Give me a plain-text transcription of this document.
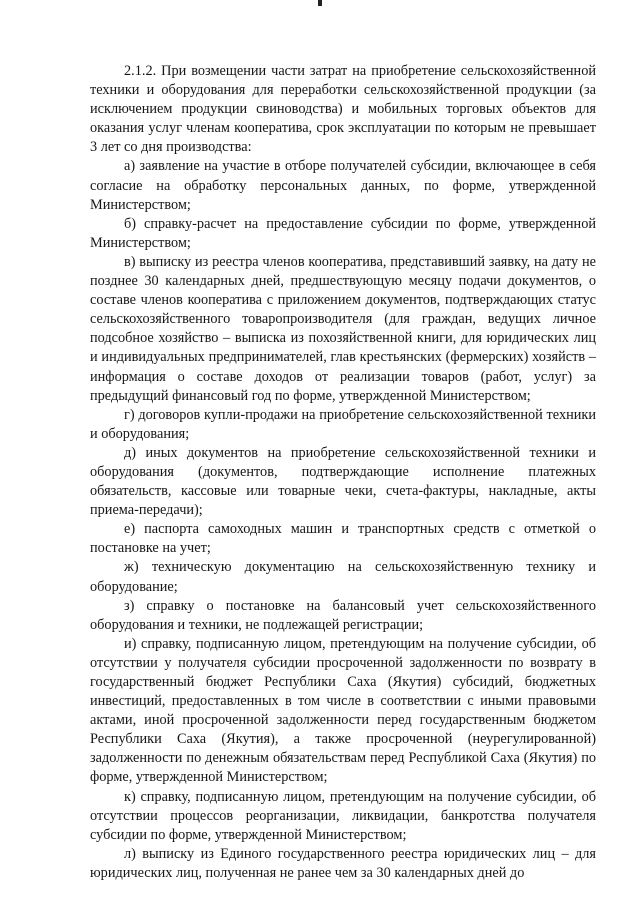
2.1.2. При возмещении части затрат на приобретение сельскохозяйственной техники и оборудования для переработки сельскохозяйственной продукции (за исключением продукции свиноводства) и мобильных торговых объектов для оказания услуг членам кооператива, срок эксплуатации по которым не превышает 3 лет со дня производства:

а) заявление на участие в отборе получателей субсидии, включающее в себя согласие на обработку персональных данных, по форме, утвержденной Министерством;

б) справку-расчет на предоставление субсидии по форме, утвержденной Министерством;

в) выписку из реестра членов кооператива, представивший заявку, на дату не позднее 30 календарных дней, предшествующую месяцу подачи документов, о составе членов кооператива с приложением документов, подтверждающих статус сельскохозяйственного товаропроизводителя (для граждан, ведущих личное подсобное хозяйство – выписка из похозяйственной книги, для юридических лиц и индивидуальных предпринимателей, глав крестьянских (фермерских) хозяйств – информация о составе доходов от реализации товаров (работ, услуг) за предыдущий финансовый год по форме, утвержденной Министерством;

г) договоров купли-продажи на приобретение сельскохозяйственной техники и оборудования;

д) иных документов на приобретение сельскохозяйственной техники и оборудования (документов, подтверждающие исполнение платежных обязательств, кассовые или товарные чеки, счета-фактуры, накладные, акты приема-передачи);

е) паспорта самоходных машин и транспортных средств с отметкой о постановке на учет;

ж) техническую документацию на сельскохозяйственную технику и оборудование;

з) справку о постановке на балансовый учет сельскохозяйственного оборудования и техники, не подлежащей регистрации;

и) справку, подписанную лицом, претендующим на получение субсидии, об отсутствии у получателя субсидии просроченной задолженности по возврату в государственный бюджет Республики Саха (Якутия) субсидий, бюджетных инвестиций, предоставленных в том числе в соответствии с иными правовыми актами, иной просроченной задолженности перед государственным бюджетом Республики Саха (Якутия), а также просроченной (неурегулированной) задолженности по денежным обязательствам перед Республикой Саха (Якутия) по форме, утвержденной Министерством;

к) справку, подписанную лицом, претендующим на получение субсидии, об отсутствии процессов реорганизации, ликвидации, банкротства получателя субсидии по форме, утвержденной Министерством;

л) выписку из Единого государственного реестра юридических лиц – для юридических лиц, полученная не ранее чем за 30 календарных дней до
